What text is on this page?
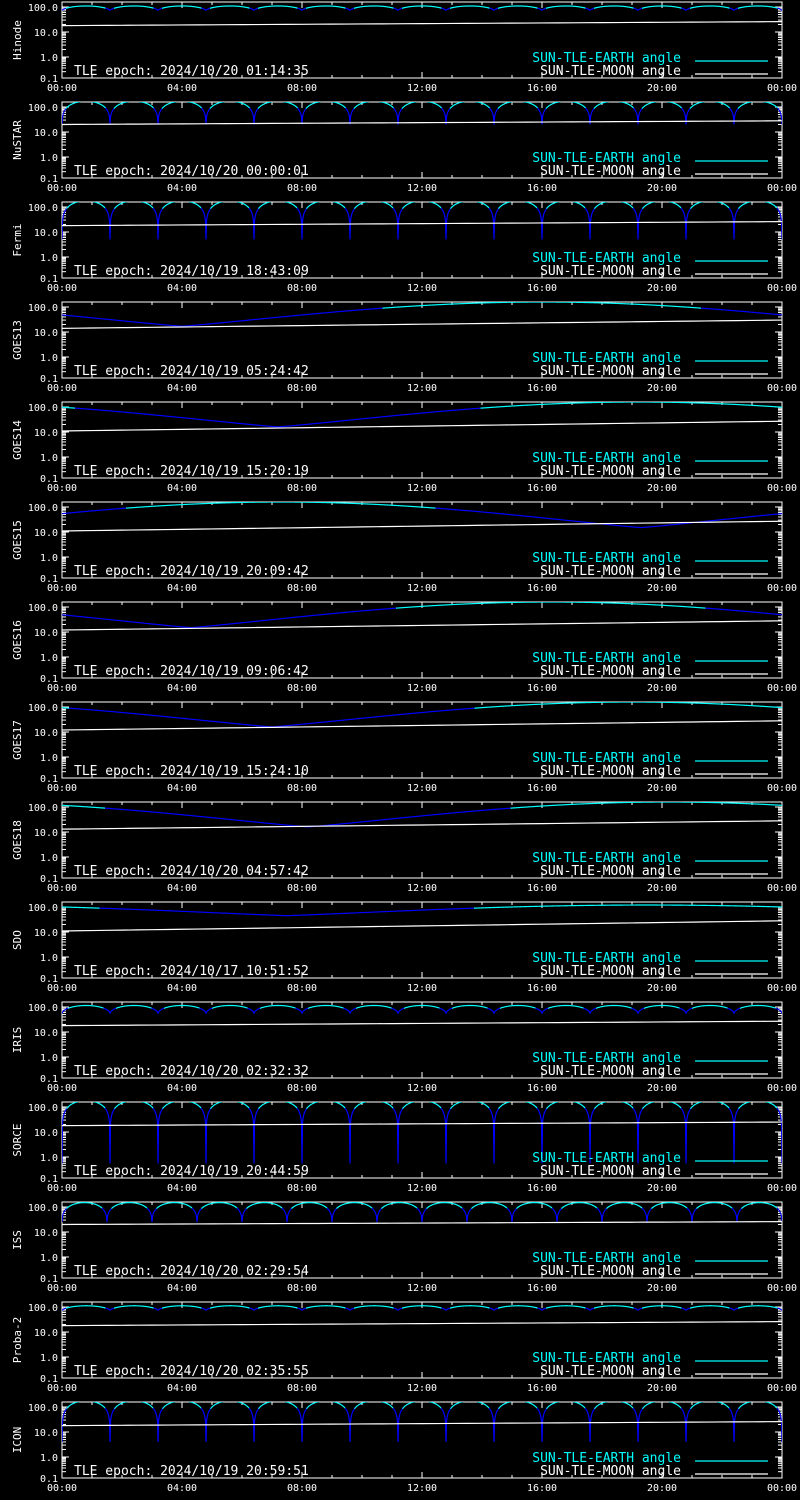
100.0
10.0
1.0
0.1
00:00	04:00	08:00	12:00	16:00	20:00	00:00
Hinode
TLE epoch: 2024/10/20 01:14:35
SUN-TLE-EARTH angle
SUN-TLE-MOON angle
100.0
10.0
1.0
0.1
00:00	04:00	08:00	12:00	16:00	20:00	00:00
NuSTAR
TLE epoch: 2024/10/20 00:00:01
SUN-TLE-EARTH angle
SUN-TLE-MOON angle
100.0
10.0
1.0
0.1
00:00	04:00	08:00	12:00	16:00	20:00	00:00
Fermi
TLE epoch: 2024/10/19 18:43:09
SUN-TLE-EARTH angle
SUN-TLE-MOON angle
100.0
10.0
1.0
0.1
00:00	04:00	08:00	12:00	16:00	20:00	00:00
GOES13
TLE epoch: 2024/10/19 05:24:42
SUN-TLE-EARTH angle
SUN-TLE-MOON angle
100.0
10.0
1.0
0.1
00:00	04:00	08:00	12:00	16:00	20:00	00:00
GOES14
TLE epoch: 2024/10/19 15:20:19
SUN-TLE-EARTH angle
SUN-TLE-MOON angle
100.0
10.0
1.0
0.1
00:00	04:00	08:00	12:00	16:00	20:00	00:00
GOES15
TLE epoch: 2024/10/19 20:09:42
SUN-TLE-EARTH angle
SUN-TLE-MOON angle
100.0
10.0
1.0
0.1
00:00	04:00	08:00	12:00	16:00	20:00	00:00
GOES16
TLE epoch: 2024/10/19 09:06:42
SUN-TLE-EARTH angle
SUN-TLE-MOON angle
100.0
10.0
1.0
0.1
00:00	04:00	08:00	12:00	16:00	20:00	00:00
GOES17
TLE epoch: 2024/10/19 15:24:10
SUN-TLE-EARTH angle
SUN-TLE-MOON angle
100.0
10.0
1.0
0.1
00:00	04:00	08:00	12:00	16:00	20:00	00:00
GOES18
TLE epoch: 2024/10/20 04:57:42
SUN-TLE-EARTH angle
SUN-TLE-MOON angle
100.0
10.0
1.0
0.1
00:00	04:00	08:00	12:00	16:00	20:00	00:00
SDO
TLE epoch: 2024/10/17 10:51:52
SUN-TLE-EARTH angle
SUN-TLE-MOON angle
100.0
10.0
1.0
0.1
00:00	04:00	08:00	12:00	16:00	20:00	00:00
IRIS
TLE epoch: 2024/10/20 02:32:32
SUN-TLE-EARTH angle
SUN-TLE-MOON angle
100.0
10.0
1.0
0.1
00:00	04:00	08:00	12:00	16:00	20:00	00:00
SORCE
TLE epoch: 2024/10/19 20:44:59
SUN-TLE-EARTH angle
SUN-TLE-MOON angle
100.0
10.0
1.0
0.1
00:00	04:00	08:00	12:00	16:00	20:00	00:00
ISS
TLE epoch: 2024/10/20 02:29:54
SUN-TLE-EARTH angle
SUN-TLE-MOON angle
100.0
10.0
1.0
0.1
00:00	04:00	08:00	12:00	16:00	20:00	00:00
Proba-2
TLE epoch: 2024/10/20 02:35:55
SUN-TLE-EARTH angle
SUN-TLE-MOON angle
100.0
10.0
1.0
0.1
00:00	04:00	08:00	12:00	16:00	20:00	00:00
ICON
TLE epoch: 2024/10/19 20:59:51
SUN-TLE-EARTH angle
SUN-TLE-MOON angle
